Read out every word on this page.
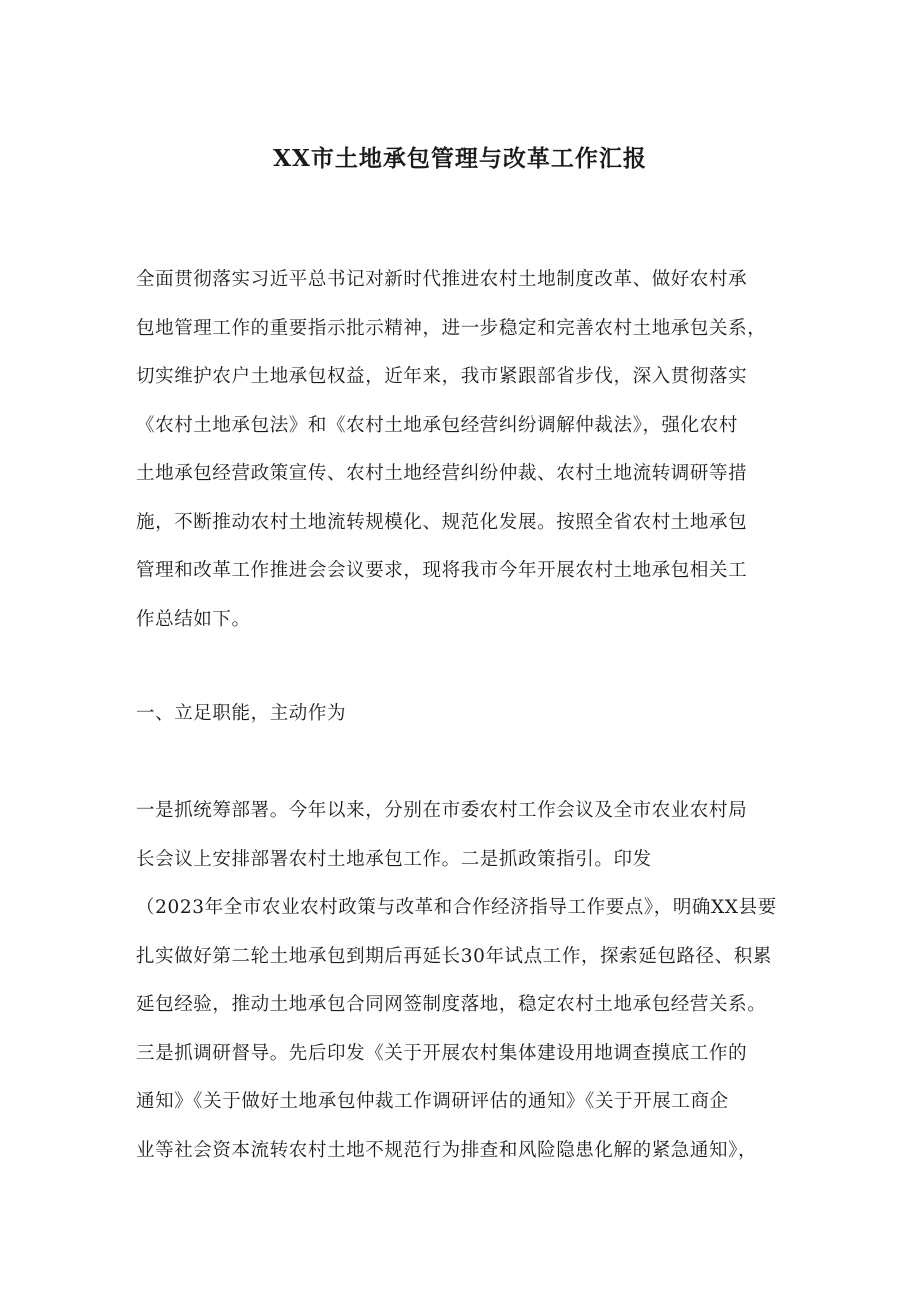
XX市土地承包管理与改革工作汇报
全面贯彻落实习近平总书记对新时代推进农村土地制度改革、做好农村承
包地管理工作的重要指示批示精神，进一步稳定和完善农村土地承包关系，
切实维护农户土地承包权益，近年来，我市紧跟部省步伐，深入贯彻落实
《农村土地承包法》和《农村土地承包经营纠纷调解仲裁法》，强化农村
土地承包经营政策宣传、农村土地经营纠纷仲裁、农村土地流转调研等措
施，不断推动农村土地流转规模化、规范化发展。按照全省农村土地承包
管理和改革工作推进会会议要求，现将我市今年开展农村土地承包相关工
作总结如下。
一、立足职能，主动作为
一是抓统筹部署。今年以来，分别在市委农村工作会议及全市农业农村局
长会议上安排部署农村土地承包工作。二是抓政策指引。印发
（2023年全市农业农村政策与改革和合作经济指导工作要点》，明确XX县要
扎实做好第二轮土地承包到期后再延长30年试点工作，探索延包路径、积累
延包经验，推动土地承包合同网签制度落地，稳定农村土地承包经营关系。
三是抓调研督导。先后印发《关于开展农村集体建设用地调查摸底工作的
通知》《关于做好土地承包仲裁工作调研评估的通知》《关于开展工商企
业等社会资本流转农村土地不规范行为排查和风险隐患化解的紧急通知》，
